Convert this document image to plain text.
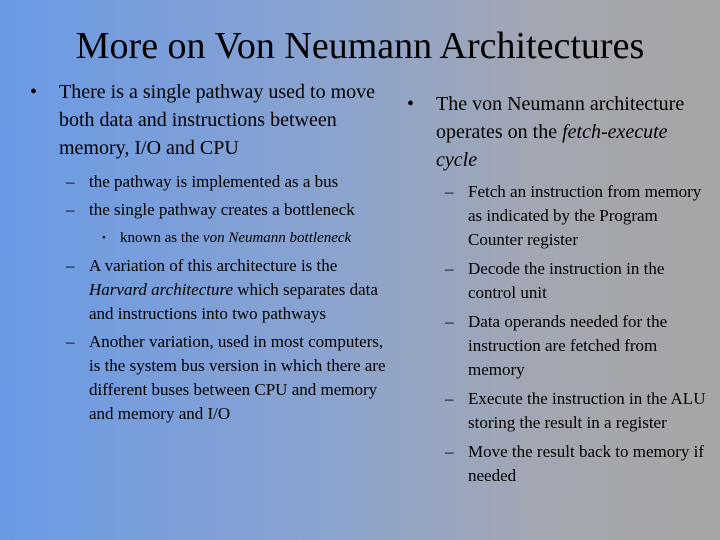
More on Von Neumann Architectures
• There is a single pathway used to move both data and instructions between memory, I/O and CPU
– the pathway is implemented as a bus
– the single pathway creates a bottleneck
• known as the von Neumann bottleneck
– A variation of this architecture is the Harvard architecture which separates data and instructions into two pathways
– Another variation, used in most computers, is the system bus version in which there are different buses between CPU and memory and memory and I/O
• The von Neumann architecture operates on the fetch-execute cycle
– Fetch an instruction from memory as indicated by the Program Counter register
– Decode the instruction in the control unit
– Data operands needed for the instruction are fetched from memory
– Execute the instruction in the ALU storing the result in a register
– Move the result back to memory if needed
